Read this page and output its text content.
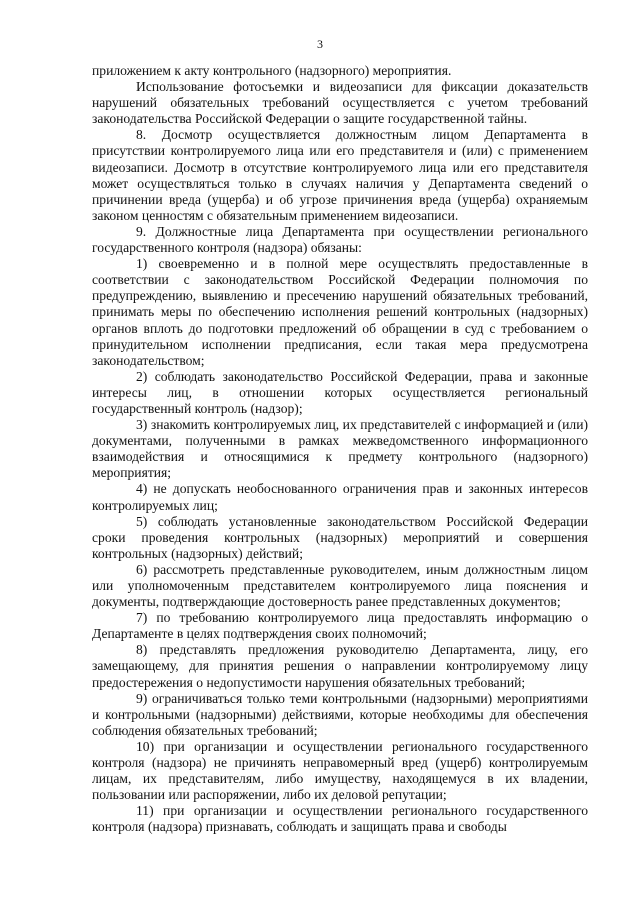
3

приложением к акту контрольного (надзорного) мероприятия.

Использование фотосъемки и видеозаписи для фиксации доказательств нарушений обязательных требований осуществляется с учетом требований законодательства Российской Федерации о защите государственной тайны.

8. Досмотр осуществляется должностным лицом Департамента в присутствии контролируемого лица или его представителя и (или) с применением видеозаписи. Досмотр в отсутствие контролируемого лица или его представителя может осуществляться только в случаях наличия у Департамента сведений о причинении вреда (ущерба) и об угрозе причинения вреда (ущерба) охраняемым законом ценностям с обязательным применением видеозаписи.

9. Должностные лица Департамента при осуществлении регионального государственного контроля (надзора) обязаны:

1) своевременно и в полной мере осуществлять предоставленные в соответствии с законодательством Российской Федерации полномочия по предупреждению, выявлению и пресечению нарушений обязательных требований, принимать меры по обеспечению исполнения решений контрольных (надзорных) органов вплоть до подготовки предложений об обращении в суд с требованием о принудительном исполнении предписания, если такая мера предусмотрена законодательством;

2) соблюдать законодательство Российской Федерации, права и законные интересы лиц, в отношении которых осуществляется региональный государственный контроль (надзор);

3) знакомить контролируемых лиц, их представителей с информацией и (или) документами, полученными в рамках межведомственного информационного взаимодействия и относящимися к предмету контрольного (надзорного) мероприятия;

4) не допускать необоснованного ограничения прав и законных интересов контролируемых лиц;

5) соблюдать установленные законодательством Российской Федерации сроки проведения контрольных (надзорных) мероприятий и совершения контрольных (надзорных) действий;

6) рассмотреть представленные руководителем, иным должностным лицом или уполномоченным представителем контролируемого лица пояснения и документы, подтверждающие достоверность ранее представленных документов;

7) по требованию контролируемого лица предоставлять информацию о Департаменте в целях подтверждения своих полномочий;

8) представлять предложения руководителю Департамента, лицу, его замещающему, для принятия решения о направлении контролируемому лицу предостережения о недопустимости нарушения обязательных требований;

9) ограничиваться только теми контрольными (надзорными) мероприятиями и контрольными (надзорными) действиями, которые необходимы для обеспечения соблюдения обязательных требований;

10) при организации и осуществлении регионального государственного контроля (надзора) не причинять неправомерный вред (ущерб) контролируемым лицам, их представителям, либо имуществу, находящемуся в их владении, пользовании или распоряжении, либо их деловой репутации;

11) при организации и осуществлении регионального государственного контроля (надзора) признавать, соблюдать и защищать права и свободы
